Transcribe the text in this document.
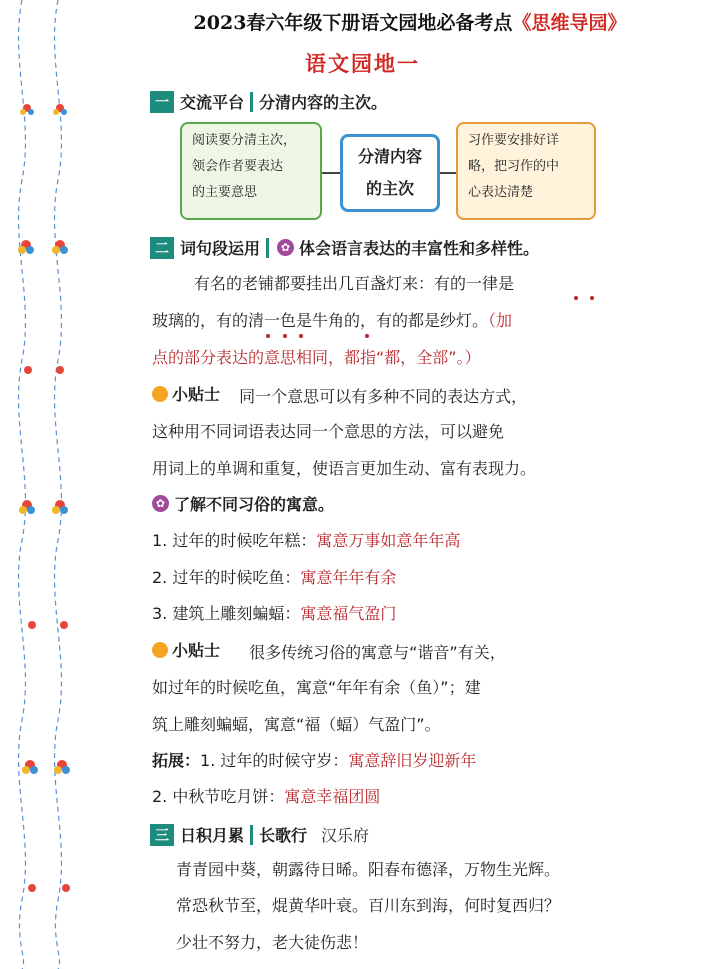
2023春六年级下册语文园地必备考点《思维导园》
语文园地一
一 交流平台 分清内容的主次。
阅读要分清主次，
领会作者要表达
的主要意思
分清内容
的主次
习作要安排好详
略，把习作的中
心表达清楚
二 词句段运用	✿ 体会语言表达的丰富性和多样性。
有名的老铺都要挂出几百盏灯来：有的一律是
玻璃的，有的清一色是牛角的，有的都是纱灯。（加
点的部分表达的意思相同，都指“都，全部”。）
小贴士 同一个意思可以有多种不同的表达方式，
这种用不同词语表达同一个意思的方法，可以避免
用词上的单调和重复，使语言更加生动、富有表现力。
✿ 了解不同习俗的寓意。
1. 过年的时候吃年糕：寓意万事如意年年高
2. 过年的时候吃鱼：寓意年年有余
3. 建筑上雕刻蝙蝠：寓意福气盈门
小贴士 很多传统习俗的寓意与“谐音”有关，
如过年的时候吃鱼，寓意“年年有余（鱼）”；建
筑上雕刻蝙蝠，寓意“福（蝠）气盈门”。
拓展：1. 过年的时候守岁：寓意辞旧岁迎新年
2. 中秋节吃月饼：寓意幸福团圆
三 日积月累 长歌行 汉乐府
青青园中葵，朝露待日晞。阳春布德泽，万物生光辉。
常恐秋节至，焜黄华叶衰。百川东到海，何时复西归？
少壮不努力，老大徒伤悲！
